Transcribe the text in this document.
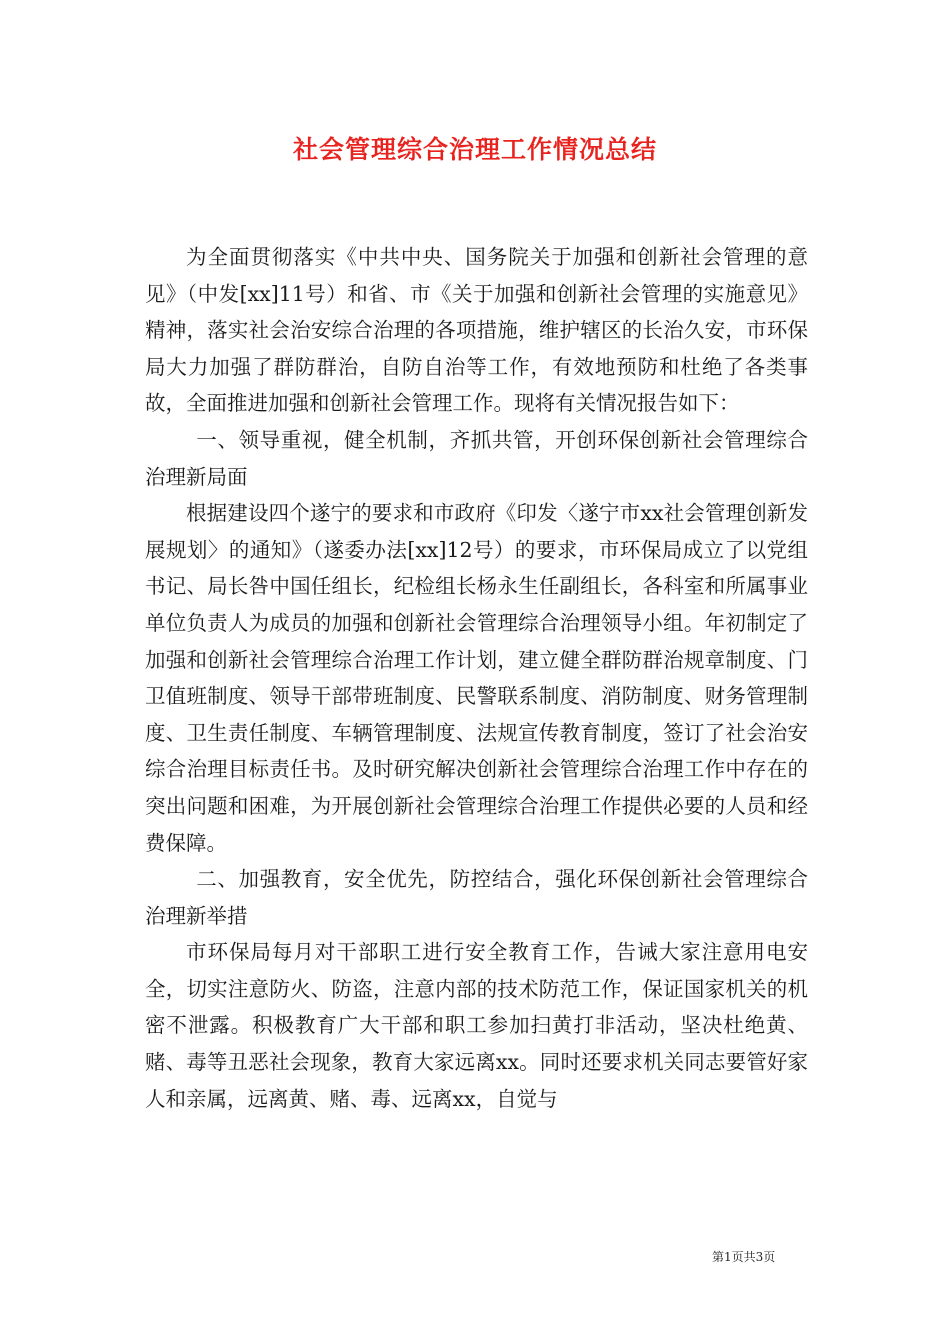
社会管理综合治理工作情况总结

为全面贯彻落实《中共中央、国务院关于加强和创新社会管理的意见》（中发[xx]11号）和省、市《关于加强和创新社会管理的实施意见》精神，落实社会治安综合治理的各项措施，维护辖区的长治久安，市环保局大力加强了群防群治，自防自治等工作，有效地预防和杜绝了各类事故，全面推进加强和创新社会管理工作。现将有关情况报告如下：

一、领导重视，健全机制，齐抓共管，开创环保创新社会管理综合治理新局面

根据建设四个遂宁的要求和市政府《印发〈遂宁市xx社会管理创新发展规划〉的通知》（遂委办法[xx]12号）的要求，市环保局成立了以党组书记、局长咎中国任组长，纪检组长杨永生任副组长，各科室和所属事业单位负责人为成员的加强和创新社会管理综合治理领导小组。年初制定了加强和创新社会管理综合治理工作计划，建立健全群防群治规章制度、门卫值班制度、领导干部带班制度、民警联系制度、消防制度、财务管理制度、卫生责任制度、车辆管理制度、法规宣传教育制度，签订了社会治安综合治理目标责任书。及时研究解决创新社会管理综合治理工作中存在的突出问题和困难，为开展创新社会管理综合治理工作提供必要的人员和经费保障。

二、加强教育，安全优先，防控结合，强化环保创新社会管理综合治理新举措

市环保局每月对干部职工进行安全教育工作，告诫大家注意用电安全，切实注意防火、防盗，注意内部的技术防范工作，保证国家机关的机密不泄露。积极教育广大干部和职工参加扫黄打非活动，坚决杜绝黄、赌、毒等丑恶社会现象，教育大家远离xx。同时还要求机关同志要管好家人和亲属，远离黄、赌、毒、远离xx，自觉与

第1页共3页
